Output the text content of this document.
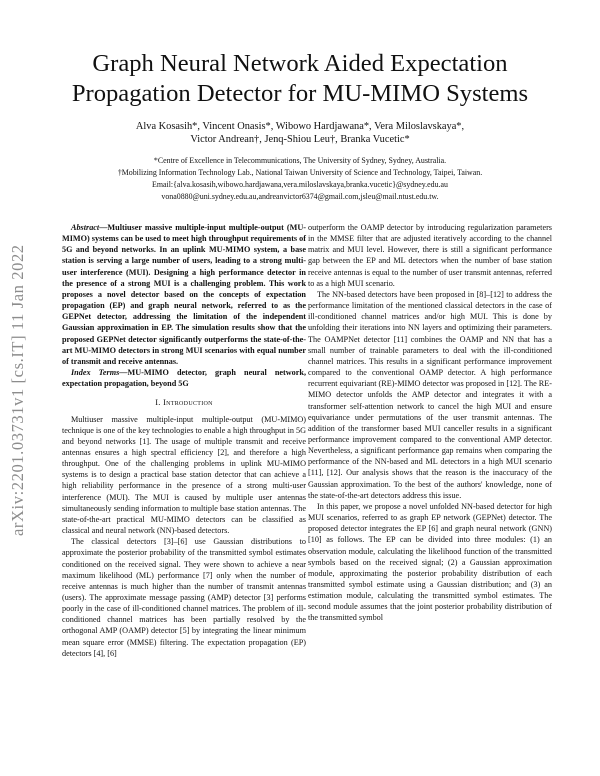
arXiv:2201.03731v1 [cs.IT] 11 Jan 2022
Graph Neural Network Aided Expectation
Propagation Detector for MU-MIMO Systems
Alva Kosasih*, Vincent Onasis*, Wibowo Hardjawana*, Vera Miloslavskaya*,
Victor Andrean†, Jenq-Shiou Leu†, Branka Vucetic*
*Centre of Excellence in Telecommunications, The University of Sydney, Sydney, Australia.
†Mobilizing Information Technology Lab., National Taiwan University of Science and Technology, Taipei, Taiwan.
Email:{alva.kosasih,wibowo.hardjawana,vera.miloslavskaya,branka.vucetic}@sydney.edu.au
vona0880@uni.sydney.edu.au,andreanvictor6374@gmail.com,jsleu@mail.ntust.edu.tw.

Abstract—Multiuser massive multiple-input multiple-output (MU-MIMO) systems can be used to meet high throughput requirements of 5G and beyond networks. In an uplink MU-MIMO system, a base station is serving a large number of users, leading to a strong multi-user interference (MUI). Designing a high performance detector in the presence of a strong MUI is a challenging problem. This work proposes a novel detector based on the concepts of expectation propagation (EP) and graph neural network, referred to as the GEPNet detector, addressing the limitation of the independent Gaussian approximation in EP. The simulation results show that the proposed GEPNet detector significantly outperforms the state-of-the-art MU-MIMO detectors in strong MUI scenarios with equal number of transmit and receive antennas.

Index Terms—MU-MIMO detector, graph neural network, expectation propagation, beyond 5G

I. Introduction

Multiuser massive multiple-input multiple-output (MU-MIMO) technique is one of the key technologies to enable a high throughput in 5G and beyond networks [1]. The usage of multiple transmit and receive antennas ensures a high spectral efficiency [2], and therefore a high throughput. One of the challenging problems in uplink MU-MIMO systems is to design a practical base station detector that can achieve a high reliability performance in the presence of a strong multi-user interference (MUI). The MUI is caused by multiple user antennas simultaneously sending information to multiple base station antennas. The state-of-the-art practical MU-MIMO detectors can be classified as classical and neural network (NN)-based detectors.

The classical detectors [3]–[6] use Gaussian distributions to approximate the posterior probability of the transmitted symbol estimates conditioned on the received signal. They were shown to achieve a near maximum likelihood (ML) performance [7] only when the number of receive antennas is much higher than the number of transmit antennas (users). The approximate message passing (AMP) detector [3] performs poorly in the case of ill-conditioned channel matrices. The problem of ill-conditioned channel matrices has been partially resolved by the orthogonal AMP (OAMP) detector [5] by integrating the linear minimum mean square error (MMSE) filtering. The expectation propagation (EP) detectors [4], [6]

outperform the OAMP detector by introducing regularization parameters in the MMSE filter that are adjusted iteratively according to the channel matrix and MUI level. However, there is still a significant performance gap between the EP and ML detectors when the number of base station receive antennas is equal to the number of user transmit antennas, referred to as a high MUI scenario.

The NN-based detectors have been proposed in [8]–[12] to address the performance limitation of the mentioned classical detectors in the case of ill-conditioned channel matrices and/or high MUI. This is done by unfolding their iterations into NN layers and optimizing their parameters. The OAMPNet detector [11] combines the OAMP and NN that has a small number of trainable parameters to deal with the ill-conditioned channel matrices. This results in a significant performance improvement compared to the conventional OAMP detector. A high performance recurrent equivariant (RE)-MIMO detector was proposed in [12]. The RE-MIMO detector unfolds the AMP detector and integrates it with a transformer self-attention network to cancel the high MUI and ensure equivariance under permutations of the user transmit antennas. The addition of the transformer based MUI canceller results in a significant performance improvement compared to the conventional AMP detector. Nevertheless, a significant performance gap remains when comparing the performance of the NN-based and ML detectors in a high MUI scenario [11], [12]. Our analysis shows that the reason is the inaccuracy of the Gaussian approximation. To the best of the authors' knowledge, none of the state-of-the-art detectors address this issue.

In this paper, we propose a novel unfolded NN-based detector for high MUI scenarios, referred to as graph EP network (GEPNet) detector. The proposed detector integrates the EP [6] and graph neural network (GNN) [10] as follows. The EP can be divided into three modules: (1) an observation module, calculating the likelihood function of the transmitted symbols based on the received signal; (2) a Gaussian approximation module, approximating the posterior probability distribution of each transmitted symbol estimate using a Gaussian distribution; and (3) an estimation module, calculating the transmitted symbol estimates. The second module assumes that the joint posterior probability distribution of the transmitted symbol
